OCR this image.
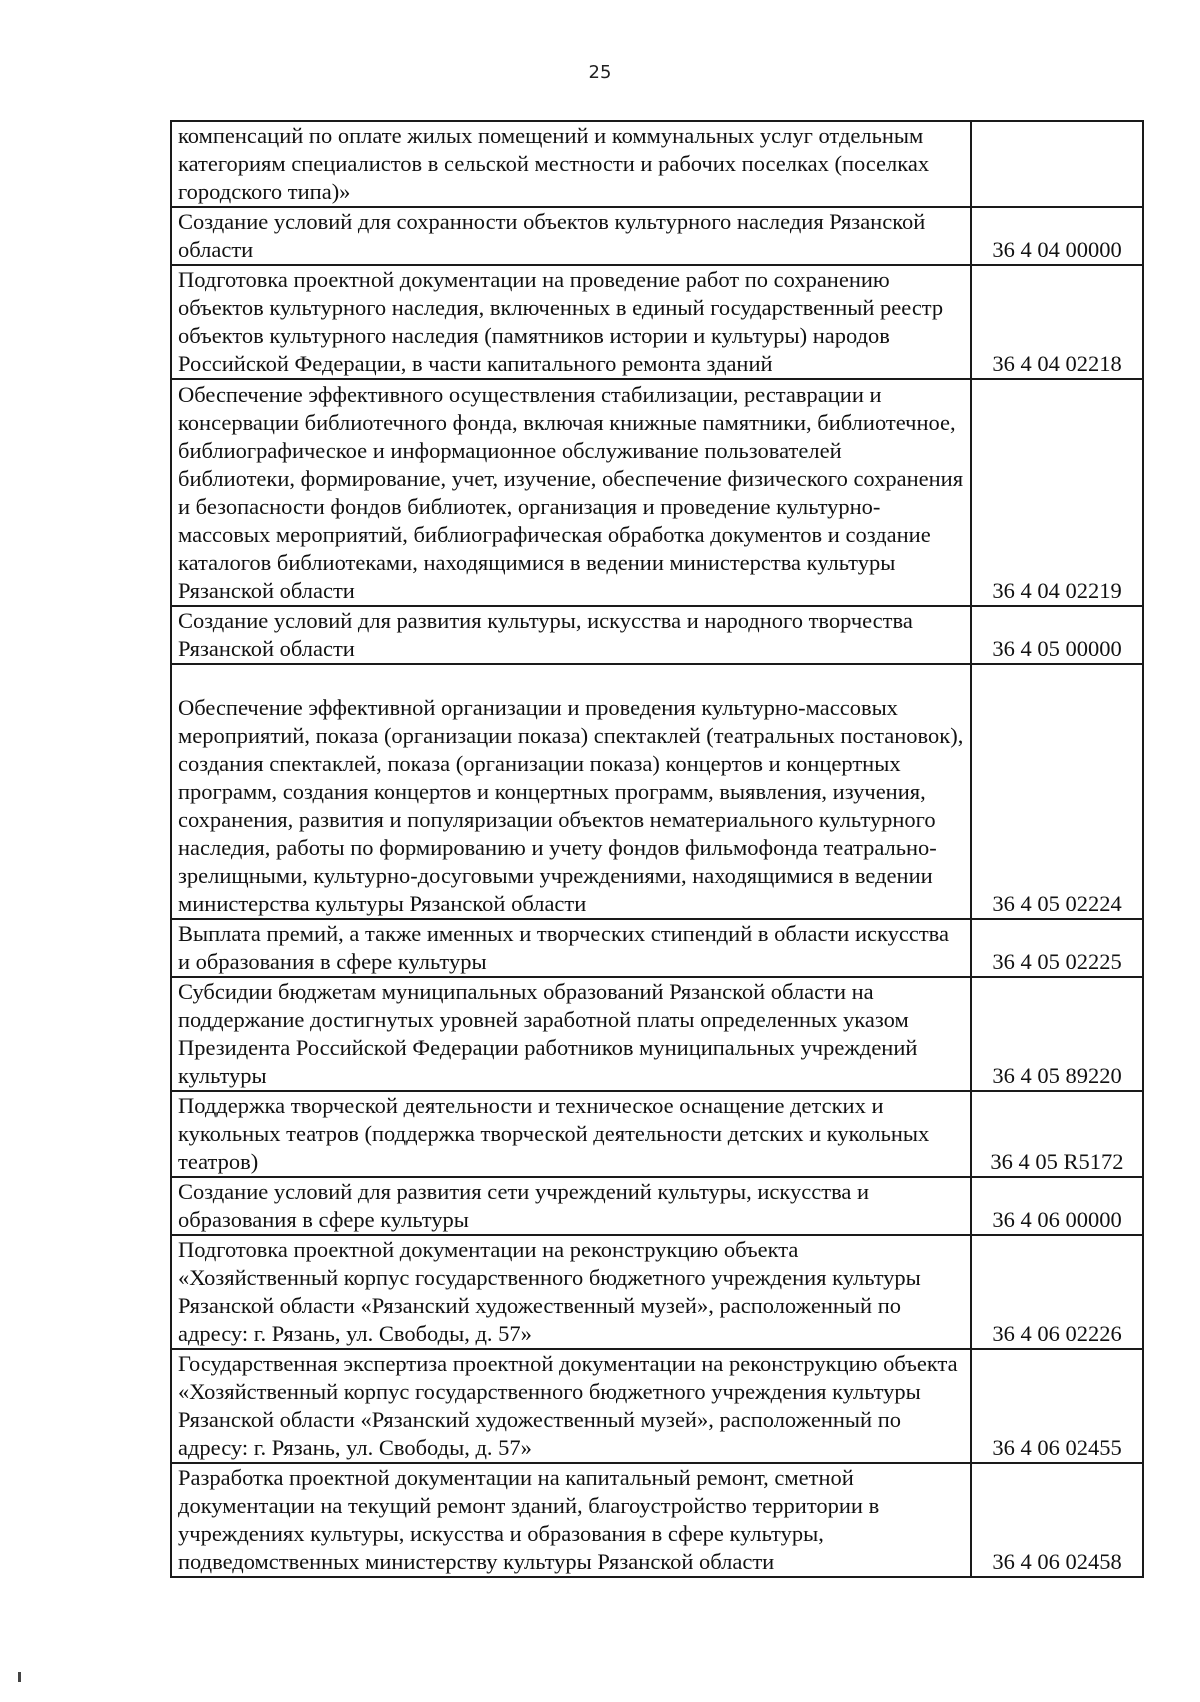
25
компенсаций по оплате жилых помещений и коммунальных услуг отдельным категориям специалистов в сельской местности и рабочих поселках (поселках городского типа)»	
Создание условий для сохранности объектов культурного наследия Рязанской области	36 4 04 00000
Подготовка проектной документации на проведение работ по сохранению объектов культурного наследия, включенных в единый государственный реестр объектов культурного наследия (памятников истории и культуры) народов Российской Федерации, в части капитального ремонта зданий	36 4 04 02218
Обеспечение эффективного осуществления стабилизации, реставрации и консервации библиотечного фонда, включая книжные памятники, библиотечное, библиографическое и информационное обслуживание пользователей библиотеки, формирование, учет, изучение, обеспечение физического сохранения и безопасности фондов библиотек, организация и проведение культурно-массовых мероприятий, библиографическая обработка документов и создание каталогов библиотеками, находящимися в ведении министерства культуры Рязанской области	36 4 04 02219
Создание условий для развития культуры, искусства и народного творчества Рязанской области	36 4 05 00000
Обеспечение эффективной организации и проведения культурно-массовых мероприятий, показа (организации показа) спектаклей (театральных постановок), создания спектаклей, показа (организации показа) концертов и концертных программ, создания концертов и концертных программ, выявления, изучения, сохранения, развития и популяризации объектов нематериального культурного наследия, работы по формированию и учету фондов фильмофонда театрально-зрелищными, культурно-досуговыми учреждениями, находящимися в ведении министерства культуры Рязанской области	36 4 05 02224
Выплата премий, а также именных и творческих стипендий в области искусства и образования в сфере культуры	36 4 05 02225
Субсидии бюджетам муниципальных образований Рязанской области на поддержание достигнутых уровней заработной платы определенных указом Президента Российской Федерации работников муниципальных учреждений культуры	36 4 05 89220
Поддержка творческой деятельности и техническое оснащение детских и кукольных театров (поддержка творческой деятельности детских и кукольных театров)	36 4 05 R5172
Создание условий для развития сети учреждений культуры, искусства и образования в сфере культуры	36 4 06 00000
Подготовка проектной документации на реконструкцию объекта «Хозяйственный корпус государственного бюджетного учреждения культуры Рязанской области «Рязанский художественный музей», расположенный по адресу: г. Рязань, ул. Свободы, д. 57»	36 4 06 02226
Государственная экспертиза проектной документации на реконструкцию объекта «Хозяйственный корпус государственного бюджетного учреждения культуры Рязанской области «Рязанский художественный музей», расположенный по адресу: г. Рязань, ул. Свободы, д. 57»	36 4 06 02455
Разработка проектной документации на капитальный ремонт, сметной документации на текущий ремонт зданий, благоустройство территории в учреждениях культуры, искусства и образования в сфере культуры, подведомственных министерству культуры Рязанской области	36 4 06 02458
